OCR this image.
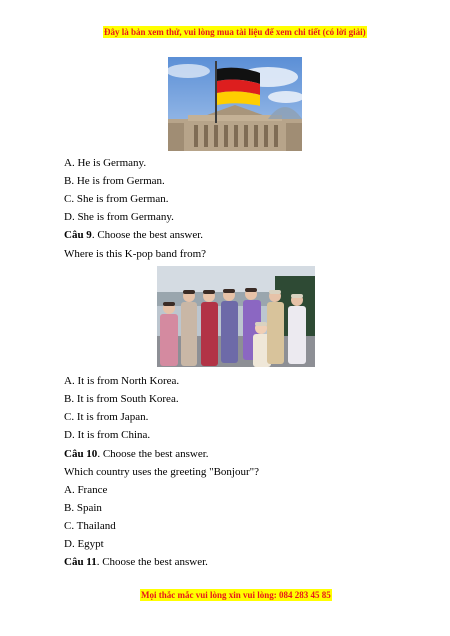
Đây là bản xem thử, vui lòng mua tài liệu để xem chi tiết (có lời giải)
A. He is Germany.
B. He is from German.
C. She is from German.
D. She is from Germany.
Câu 9. Choose the best answer.
Where is this K-pop band from?
A. It is from North Korea.
B. It is from South Korea.
C. It is from Japan.
D. It is from China.
Câu 10. Choose the best answer.
Which country uses the greeting "Bonjour"?
A. France
B. Spain
C. Thailand
D. Egypt
Câu 11. Choose the best answer.
Mọi thắc mắc vui lòng xin vui lòng: 084 283 45 85
